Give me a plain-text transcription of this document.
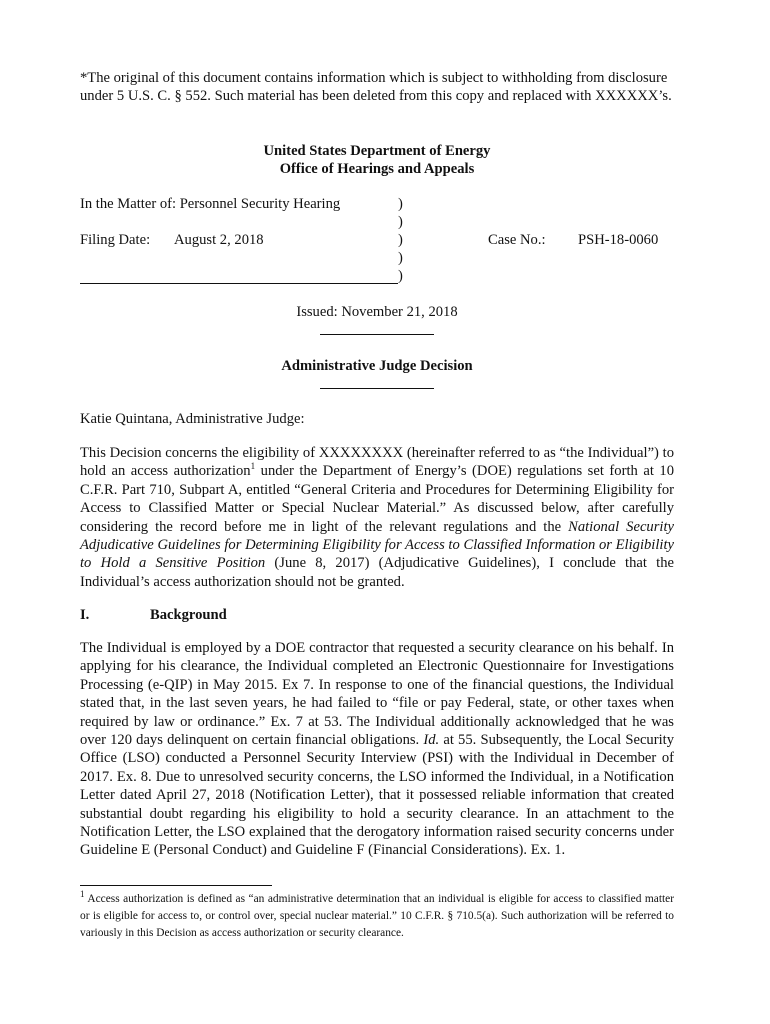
*The original of this document contains information which is subject to withholding from disclosure under 5 U.S. C. § 552. Such material has been deleted from this copy and replaced with XXXXXX’s.
United States Department of Energy
Office of Hearings and Appeals
In the Matter of: Personnel Security Hearing
Filing Date: August 2, 2018	Case No.: PSH-18-0060
)
)
)
)
)
Issued: November 21, 2018
Administrative Judge Decision
Katie Quintana, Administrative Judge:
This Decision concerns the eligibility of XXXXXXXX (hereinafter referred to as “the Individual”) to hold an access authorization$^1$ under the Department of Energy’s (DOE) regulations set forth at 10 C.F.R. Part 710, Subpart A, entitled “General Criteria and Procedures for Determining Eligibility for Access to Classified Matter or Special Nuclear Material.” As discussed below, after carefully considering the record before me in light of the relevant regulations and the National Security Adjudicative Guidelines for Determining Eligibility for Access to Classified Information or Eligibility to Hold a Sensitive Position (June 8, 2017) (Adjudicative Guidelines), I conclude that the Individual’s access authorization should not be granted.
I.	Background
The Individual is employed by a DOE contractor that requested a security clearance on his behalf. In applying for his clearance, the Individual completed an Electronic Questionnaire for Investigations Processing (e-QIP) in May 2015. Ex 7. In response to one of the financial questions, the Individual stated that, in the last seven years, he had failed to “file or pay Federal, state, or other taxes when required by law or ordinance.” Ex. 7 at 53. The Individual additionally acknowledged that he was over 120 days delinquent on certain financial obligations. Id. at 55. Subsequently, the Local Security Office (LSO) conducted a Personnel Security Interview (PSI) with the Individual in December of 2017. Ex. 8. Due to unresolved security concerns, the LSO informed the Individual, in a Notification Letter dated April 27, 2018 (Notification Letter), that it possessed reliable information that created substantial doubt regarding his eligibility to hold a security clearance. In an attachment to the Notification Letter, the LSO explained that the derogatory information raised security concerns under Guideline E (Personal Conduct) and Guideline F (Financial Considerations). Ex. 1.
$^1$ Access authorization is defined as “an administrative determination that an individual is eligible for access to classified matter or is eligible for access to, or control over, special nuclear material.” 10 C.F.R. § 710.5(a). Such authorization will be referred to variously in this Decision as access authorization or security clearance.
